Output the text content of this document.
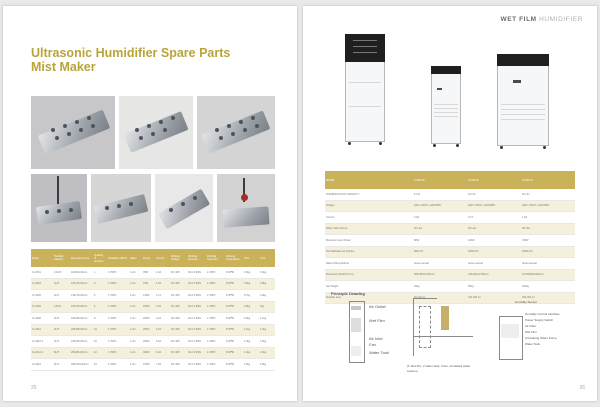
Ultrasonic Humidifier Spare Parts
Mist Maker
Model	Humidify capacity	Dimension (mm)	Quantity of atomizer	Oscillation (MHz)	Water	Power	Current	Working voltage	Working pressure	Working frequency	Working temperature	N.W.	G.W.
CL-M01	0.3L/H	110x50x33mm	1	1.7MHz	1.2m	35W	1.0A	DC 48V	40-0.3 MPa	1.7MHz	5-50℃	0.3kg	0.4kg
CL-M03	1L/H	120x70x33mm	3	1.7MHz	1.2m	75W	1.5A	DC 48V	40-0.3 MPa	1.7MHz	5-50℃	0.6kg	0.8kg
CL-M05	2L/H	140x75x33mm	5	1.7MHz	1.2m	130W	2.7A	DC 48V	40-0.3 MPa	1.7MHz	5-50℃	0.7kg	0.9kg
CL-M06	2.5L/H	160x75x33mm	6	1.7MHz	1.2m	160W	3.3A	DC 48V	40-0.3 MPa	1.7MHz	5-50℃	0.8kg	1kg
CL-M08	3L/H	180x80x33mm	8	1.7MHz	1.2m	200W	4.2A	DC 48V	40-0.3 MPa	1.7MHz	5-50℃	0.9kg	1.1kg
CL-M10	4L/H	205x85x33mm	10	1.7MHz	1.2m	250W	5.2A	DC 48V	40-0.3 MPa	1.7MHz	5-50℃	1.1kg	1.3kg
CL-M10-2	4L/H	230x85x33mm	10	1.7MHz	1.2m	250W	5.2A	DC 48V	40-0.3 MPa	1.7MHz	5-50℃	1.3kg	1.5kg
CL-M12-2	5L/H	250x85x33mm	12	1.7MHz	1.2m	300W	6.2A	DC 48V	40-0.3 MPa	1.7MHz	5-50℃	1.4kg	1.6kg
CL-M15	6L/H	265x100x33mm	15	1.7MHz	1.2m	375W	7.8A	DC 48V	40-0.3 MPa	1.7MHz	5-50℃	1.6kg	1.8kg
25
WET FILM HUMIDIFIER
MODEL	CLSM-06	CLSM-10	CLSM-15
HUMIDIFICATION CAPACITY	6 L/hr	10 L/hr	15 L/hr
Voltage	220V~/50Hz, 110V/60Hz	220V~/50Hz, 110V/60Hz	220V~/50Hz, 110V/60Hz
Current	0.6A	0.7A	1.0A
Water Tank Volume	30 Liter	30 Liter	30 Liter
Maximum Input Power	80W	120W	150W
Humidification Air Volume	800m³/h	1000m³/h	1600m³/h
Water Filling Method	Auto+manual	Auto+manual	Auto+manual
Dimension (WxDxH mm)	505x305x1235mm	720x400x1790mm	1170x600x1900mm
Net Weight	25kg	55kg	100kg
Suitable area		120-200 m²	180-300 m²
Principle Drawing
Air Outlet
Wet Film
Air Inlet
Fan
Water Tank
(1 Wet film, 2 water tank, 3 fan, circulated water system)
Humidity Sensor
Humidity Control Interface
Power Supply Switch
Air Filter
Wet Film
Circulating Water Pump
Water Tank
26
